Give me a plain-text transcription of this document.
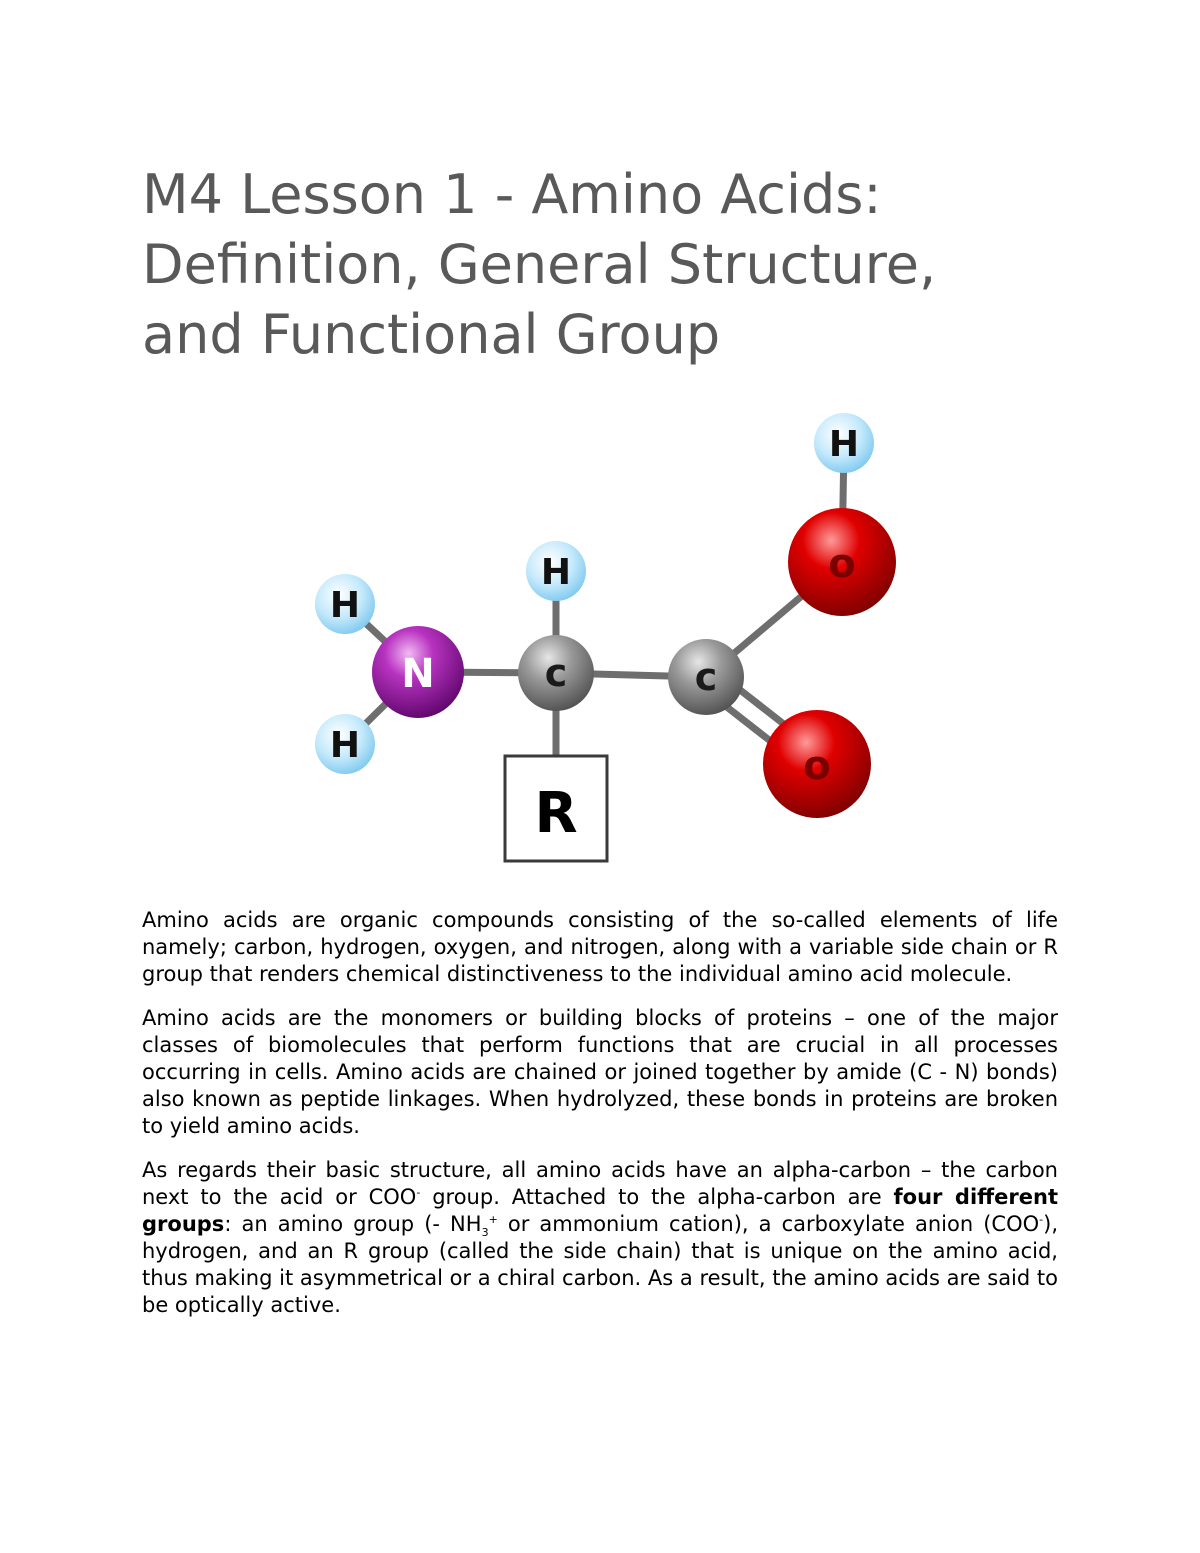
M4 Lesson 1 - Amino Acids:
Definition, General Structure,
and Functional Group
R
H
H
H
H
N	c	c
o
o

Amino acids are organic compounds consisting of the so-called elements of life namely; carbon, hydrogen, oxygen, and nitrogen, along with a variable side chain or R group that renders chemical distinctiveness to the individual amino acid molecule.

Amino acids are the monomers or building blocks of proteins – one of the major classes of biomolecules that perform functions that are crucial in all processes occurring in cells. Amino acids are chained or joined together by amide (C - N) bonds) also known as peptide linkages. When hydrolyzed, these bonds in proteins are broken to yield amino acids.

As regards their basic structure, all amino acids have an alpha-carbon – the carbon next to the acid or COO- group. Attached to the alpha-carbon are four different groups: an amino group (- $NH_3^+$ or ammonium cation), a carboxylate anion (COO-), hydrogen, and an R group (called the side chain) that is unique on the amino acid, thus making it asymmetrical or a chiral carbon. As a result, the amino acids are said to be optically active.
